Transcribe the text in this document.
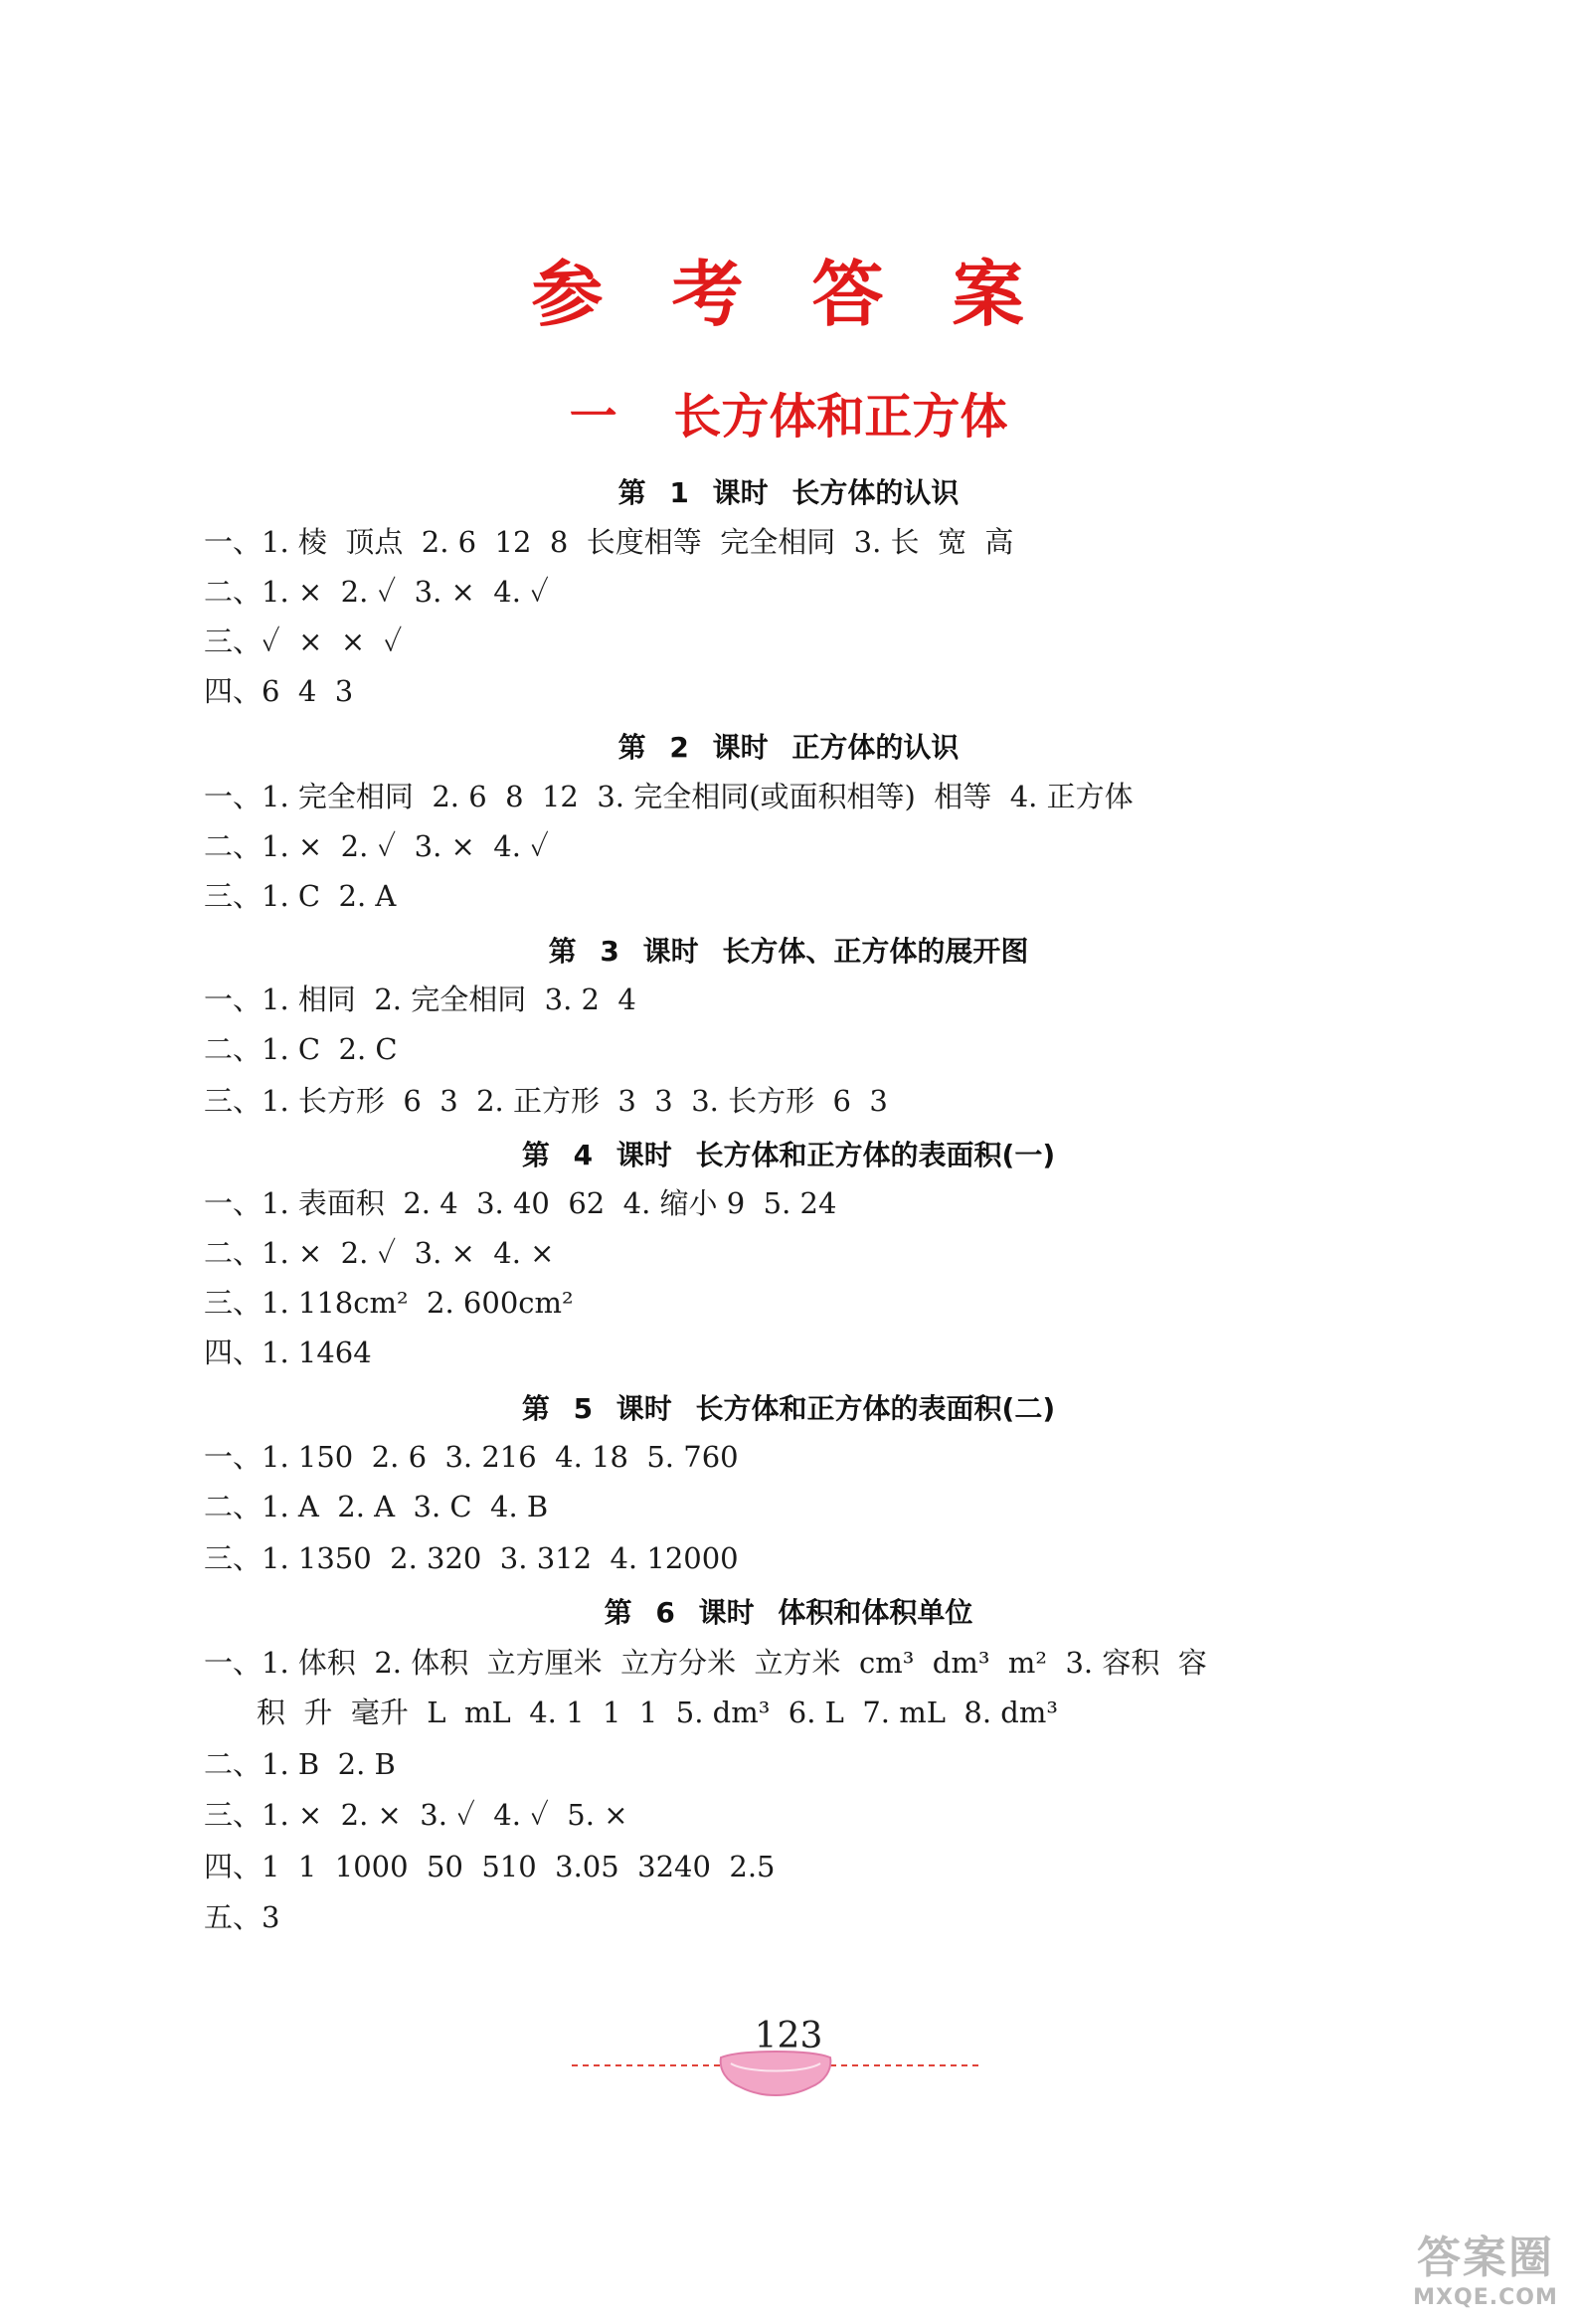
参 考 答 案
一 长方体和正方体
第 1 课时 长方体的认识
一、1. 棱  顶点  2. 6  12  8  长度相等  完全相同  3. 长  宽  高
二、1. ×  2. ✓  3. ×  4. ✓
三、✓  ×  ×  ✓
四、6  4  3
第 2 课时 正方体的认识
一、1. 完全相同  2. 6  8  12  3. 完全相同(或面积相等)  相等  4. 正方体
二、1. ×  2. ✓  3. ×  4. ✓
三、1. C  2. A
第 3 课时 长方体、正方体的展开图
一、1. 相同  2. 完全相同  3. 2  4
二、1. C  2. C
三、1. 长方形  6  3  2. 正方形  3  3  3. 长方形  6  3
第 4 课时 长方体和正方体的表面积(一)
一、1. 表面积  2. 4  3. 40  62  4. 缩小 9  5. 24
二、1. ×  2. ✓  3. ×  4. ×
三、1. 118cm²  2. 600cm²
四、1. 1464
第 5 课时 长方体和正方体的表面积(二)
一、1. 150  2. 6  3. 216  4. 18  5. 760
二、1. A  2. A  3. C  4. B
三、1. 1350  2. 320  3. 312  4. 12000
第 6 课时 体积和体积单位
一、1. 体积  2. 体积  立方厘米  立方分米  立方米  cm³  dm³  m²  3. 容积  容
积  升  毫升  L  mL  4. 1  1  1  5. dm³  6. L  7. mL  8. dm³
二、1. B  2. B
三、1. ×  2. ×  3. ✓  4. ✓  5. ×
四、1  1  1000  50  510  3.05  3240  2.5
五、3
123
答案圈
MXQE.COM
